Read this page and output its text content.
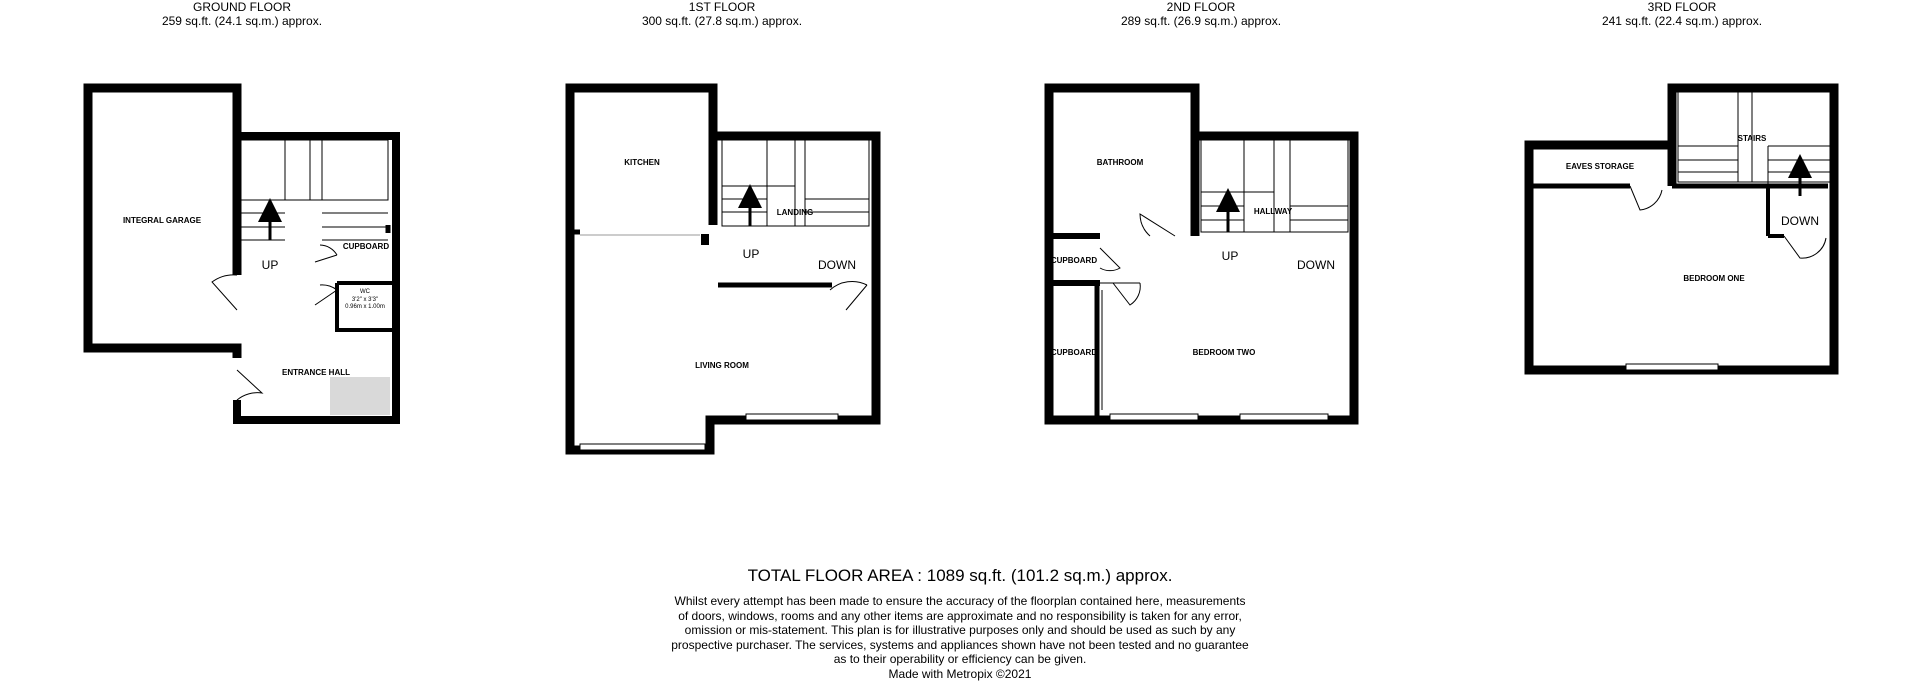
GROUND FLOOR
259 sq.ft. (24.1 sq.m.) approx.
1ST FLOOR
300 sq.ft. (27.8 sq.m.) approx.
2ND FLOOR
289 sq.ft. (26.9 sq.m.) approx.
3RD FLOOR
241 sq.ft. (22.4 sq.m.) approx.
INTEGRAL GARAGE
CUPBOARD
WC
3'2" x 3'3"
0.96m x 1.00m
ENTRANCE HALL
UP
KITCHEN
LANDING
LIVING ROOM
UP
DOWN
BATHROOM
HALLWAY
CUPBOARD
CUPBOARD	BEDROOM TWO
UP
DOWN
EAVES STORAGE
STAIRS
BEDROOM ONE
DOWN
TOTAL FLOOR AREA : 1089 sq.ft. (101.2 sq.m.) approx.
Whilst every attempt has been made to ensure the accuracy of the floorplan contained here, measurements
of doors, windows, rooms and any other items are approximate and no responsibility is taken for any error,
omission or mis-statement. This plan is for illustrative purposes only and should be used as such by any
prospective purchaser. The services, systems and appliances shown have not been tested and no guarantee
as to their operability or efficiency can be given.
Made with Metropix ©2021
